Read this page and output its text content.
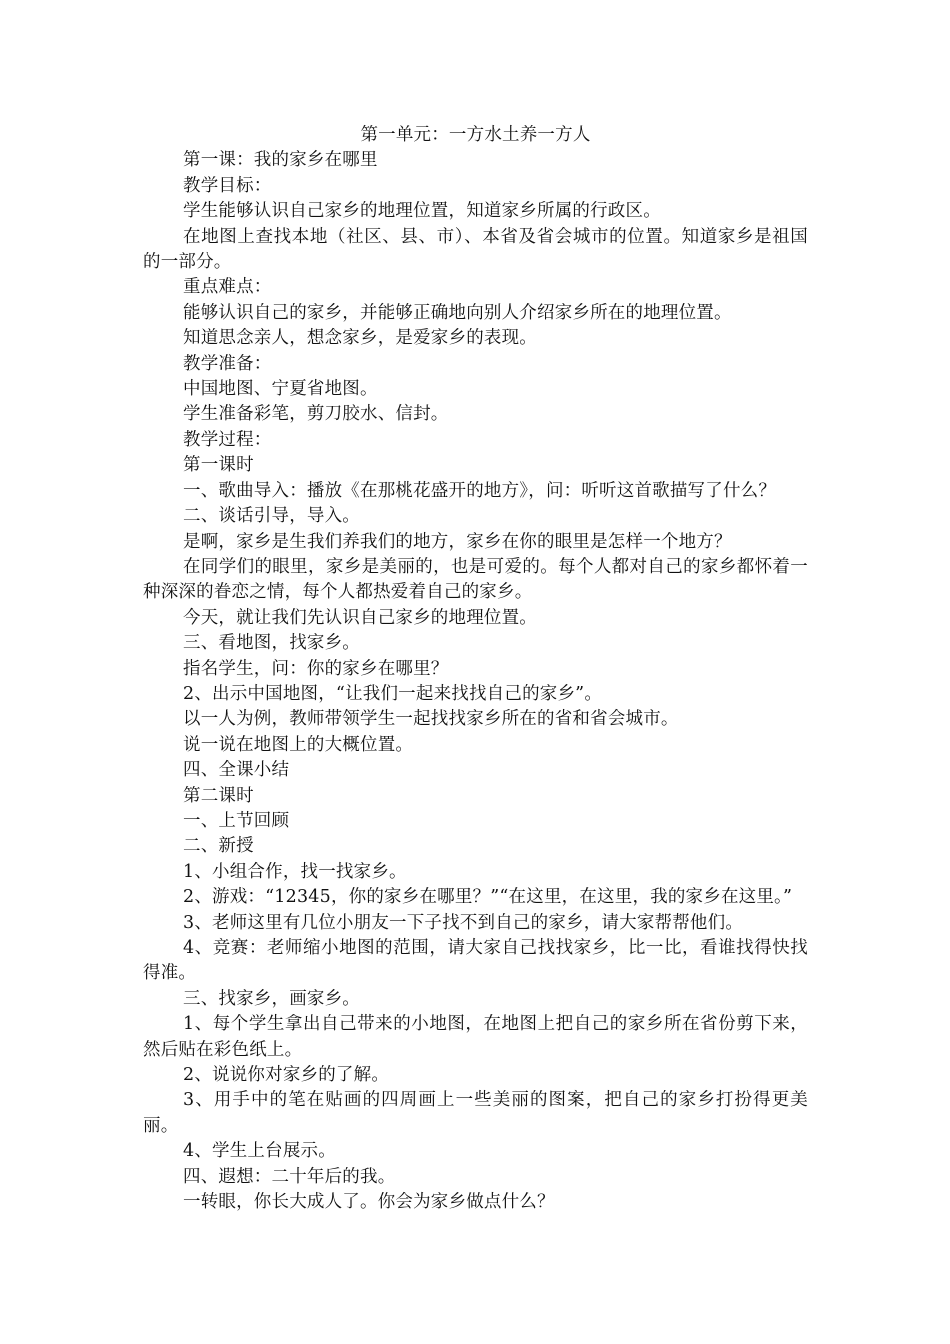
第一单元：一方水土养一方人

第一课：我的家乡在哪里

教学目标：

学生能够认识自己家乡的地理位置，知道家乡所属的行政区。

在地图上查找本地（社区、县、市）、本省及省会城市的位置。知道家乡是祖国的一部分。

重点难点：

能够认识自己的家乡，并能够正确地向别人介绍家乡所在的地理位置。

知道思念亲人，想念家乡，是爱家乡的表现。

教学准备：

中国地图、宁夏省地图。

学生准备彩笔，剪刀胶水、信封。

教学过程：

第一课时

一、歌曲导入：播放《在那桃花盛开的地方》，问：听听这首歌描写了什么？

二、谈话引导，导入。

是啊，家乡是生我们养我们的地方，家乡在你的眼里是怎样一个地方？

在同学们的眼里，家乡是美丽的，也是可爱的。每个人都对自己的家乡都怀着一种深深的眷恋之情，每个人都热爱着自己的家乡。

今天，就让我们先认识自己家乡的地理位置。

三、看地图，找家乡。

指名学生，问：你的家乡在哪里？

2、出示中国地图，“让我们一起来找找自己的家乡”。

以一人为例，教师带领学生一起找找家乡所在的省和省会城市。

说一说在地图上的大概位置。

四、全课小结

第二课时

一、上节回顾

二、新授

1、小组合作，找一找家乡。

2、游戏：“12345，你的家乡在哪里？”“在这里，在这里，我的家乡在这里。”

3、老师这里有几位小朋友一下子找不到自己的家乡，请大家帮帮他们。

4、竞赛：老师缩小地图的范围，请大家自己找找家乡，比一比，看谁找得快找得准。

三、找家乡，画家乡。

1、每个学生拿出自己带来的小地图，在地图上把自己的家乡所在省份剪下来，然后贴在彩色纸上。

2、说说你对家乡的了解。

3、用手中的笔在贴画的四周画上一些美丽的图案，把自己的家乡打扮得更美丽。

4、学生上台展示。

四、遐想：二十年后的我。

一转眼，你长大成人了。你会为家乡做点什么？
